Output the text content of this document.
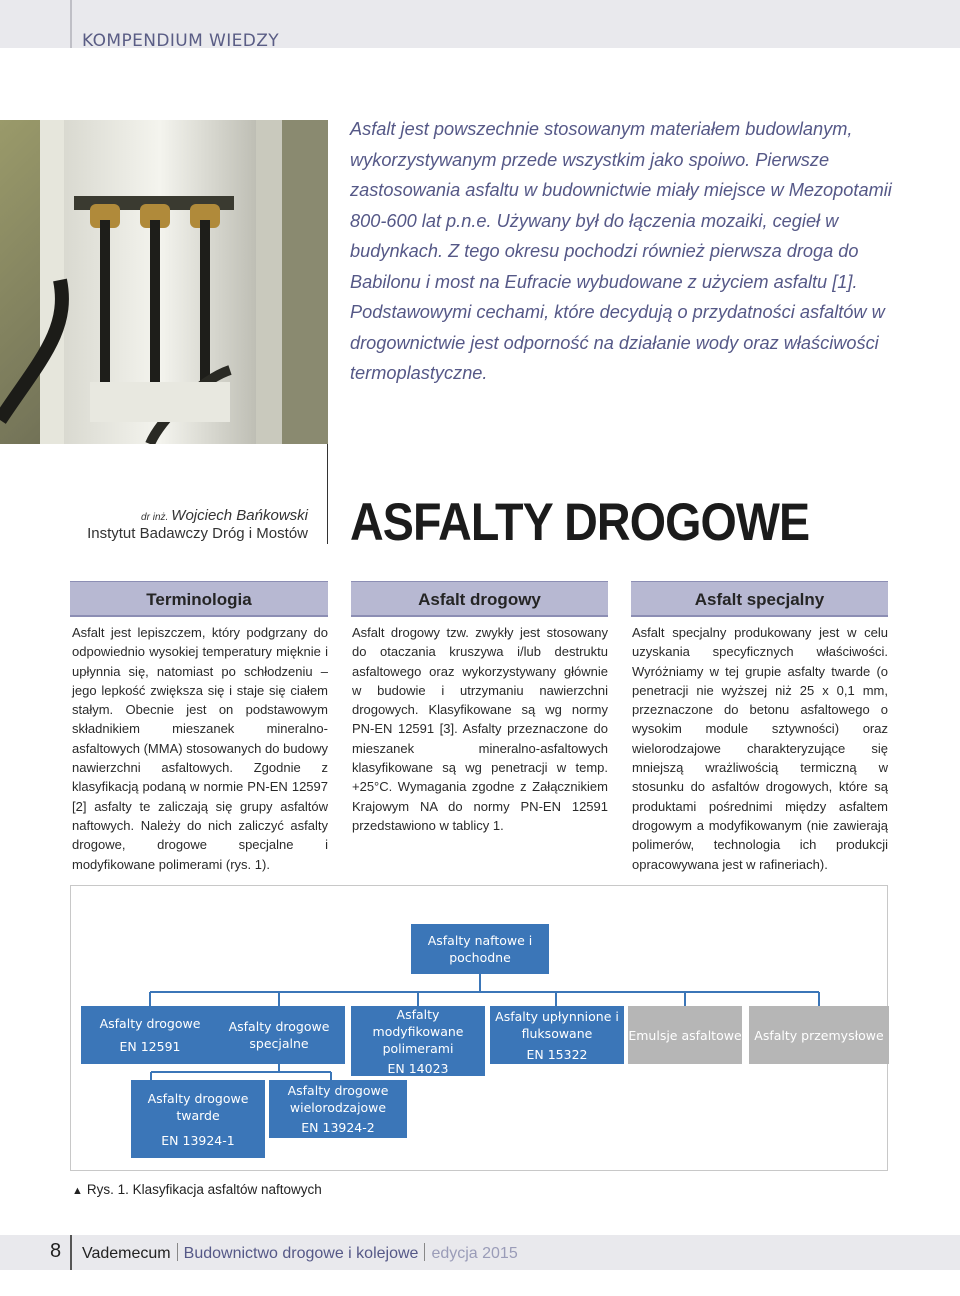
KOMPENDIUM WIEDZY
Asfalt jest powszechnie stosowanym materiałem budowlanym, wykorzystywanym przede wszystkim jako spoiwo. Pierwsze zastosowania asfaltu w budownictwie miały miejsce w Mezopotamii 800-600 lat p.n.e. Używany był do łączenia mozaiki, cegieł w budynkach. Z tego okresu pochodzi również pierwsza droga do Babilonu i most na Eufracie wybudowane z użyciem asfaltu [1]. Podstawowymi cechami, które decydują o przydatności asfaltów w drogownictwie jest odporność na działanie wody oraz właściwości termoplastyczne.
dr inż. Wojciech Bańkowski
Instytut Badawczy Dróg i Mostów ASFALTY DROGOWE
Terminologia
Asfalt jest lepiszczem, który podgrzany do odpowiednio wysokiej temperatury mięknie i upłynnia się, natomiast po schłodzeniu – jego lepkość zwiększa się i staje się ciałem stałym. Obecnie jest on podstawowym składnikiem mieszanek mineralno-asfaltowych (MMA) stosowanych do budowy nawierzchni asfaltowych. Zgodnie z klasyfikacją podaną w normie PN-EN 12597 [2] asfalty te zaliczają się grupy asfaltów naftowych. Należy do nich zaliczyć asfalty drogowe, drogowe specjalne i modyfikowane polimerami (rys. 1).
Asfalt drogowy
Asfalt drogowy tzw. zwykły jest stosowany do otaczania kruszywa i/lub destruktu asfaltowego oraz wykorzystywany głównie w budowie i utrzymaniu nawierzchni drogowych. Klasyfikowane są wg normy PN-EN 12591 [3]. Asfalty przeznaczone do mieszanek mineralno-asfaltowych klasyfikowane są wg penetracji w temp. +25°C. Wymagania zgodne z Załącznikiem Krajowym NA do normy PN-EN 12591 przedstawiono w tablicy 1.
Asfalt specjalny
Asfalt specjalny produkowany jest w celu uzyskania specyficznych właściwości. Wyróżniamy w tej grupie asfalty twarde (o penetracji nie wyższej niż 25 x 0,1 mm, przeznaczone do betonu asfaltowego o wysokim module sztywności) oraz wielorodzajowe charakteryzujące się mniejszą wrażliwością termiczną w stosunku do asfaltów drogowych, które są produktami pośrednimi między asfaltem drogowym a modyfikowanym (nie zawierają polimerów, technologia ich produkcji opracowywana jest w rafineriach).
Asfalty naftowe i pochodne
Asfalty drogowe
EN 12591
Asfalty drogowe specjalne
Asfalty modyfikowane polimerami
EN 14023
Asfalty upłynnione i fluksowane
EN 15322
Emulsje asfaltowe	Asfalty przemysłowe
Asfalty drogowe twarde
EN 13924-1
Asfalty drogowe wielorodzajowe
EN 13924-2
▲ Rys. 1. Klasyfikacja asfaltów naftowych
8 Vademecum Budownictwo drogowe i kolejowe edycja 2015
